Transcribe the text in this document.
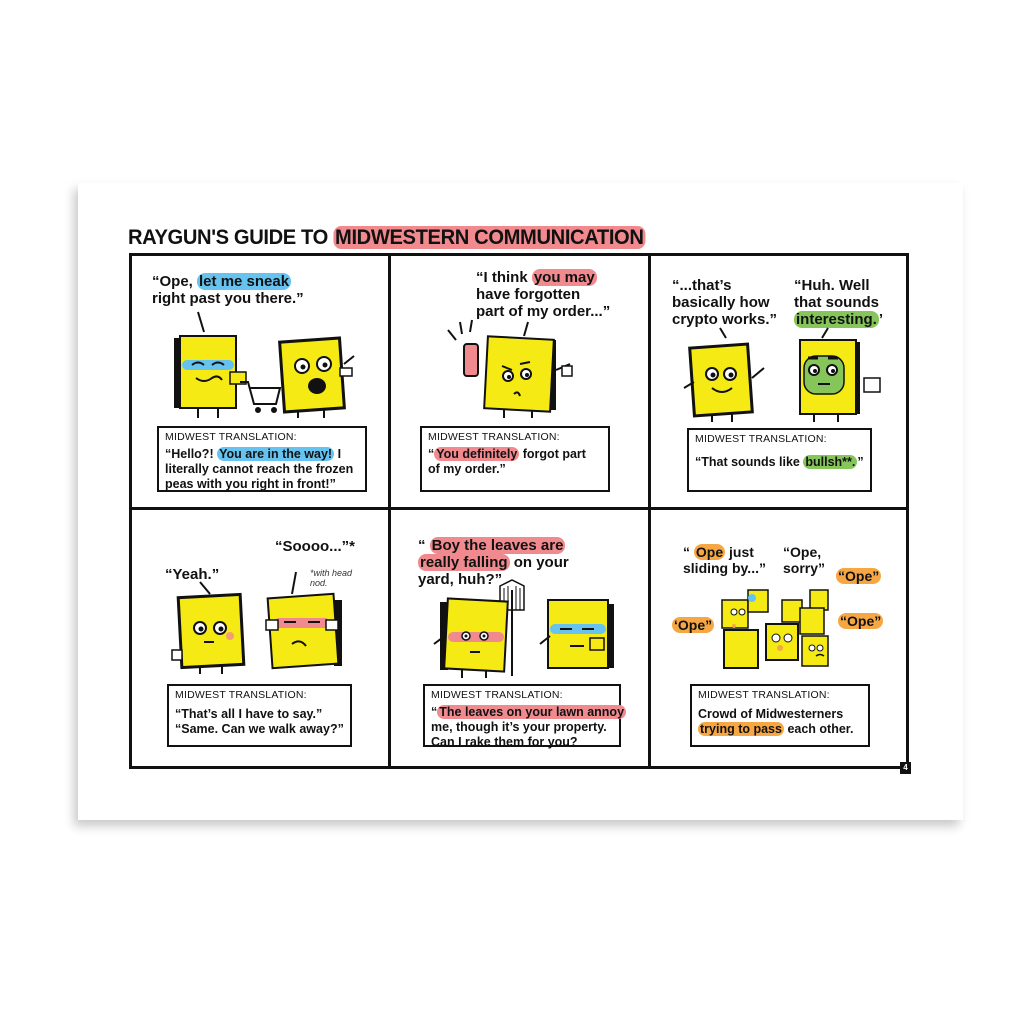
RAYGUN'S GUIDE TO MIDWESTERN COMMUNICATION
“Ope, let me sneak
right past you there.”
MIDWEST TRANSLATION:
“Hello?! You are in the way! I
literally cannot reach the frozen
peas with you right in front!”
“I think you may
have forgotten
part of my order...”
MIDWEST TRANSLATION:
“ You definitely forgot part
of my order.”
“...that’s
basically how
crypto works.”
“Huh. Well
that sounds
interesting. ’
MIDWEST TRANSLATION:
“That sounds like bullsh**. ”
“Yeah.”
“Soooo...”*
*with head
nod.
MIDWEST TRANSLATION:
“That’s all I have to say.”
“Same. Can we walk away?”
“ Boy the leaves are
really falling on your
yard, huh?”
MIDWEST TRANSLATION:
“ The leaves on your lawn annoy
me, though it’s your property.
Can I rake them for you?
“ Ope just
sliding by...”
“Ope,
sorry” “Ope”
‘Ope”	“Ope”
MIDWEST TRANSLATION:
Crowd of Midwesterners
trying to pass each other.
4
